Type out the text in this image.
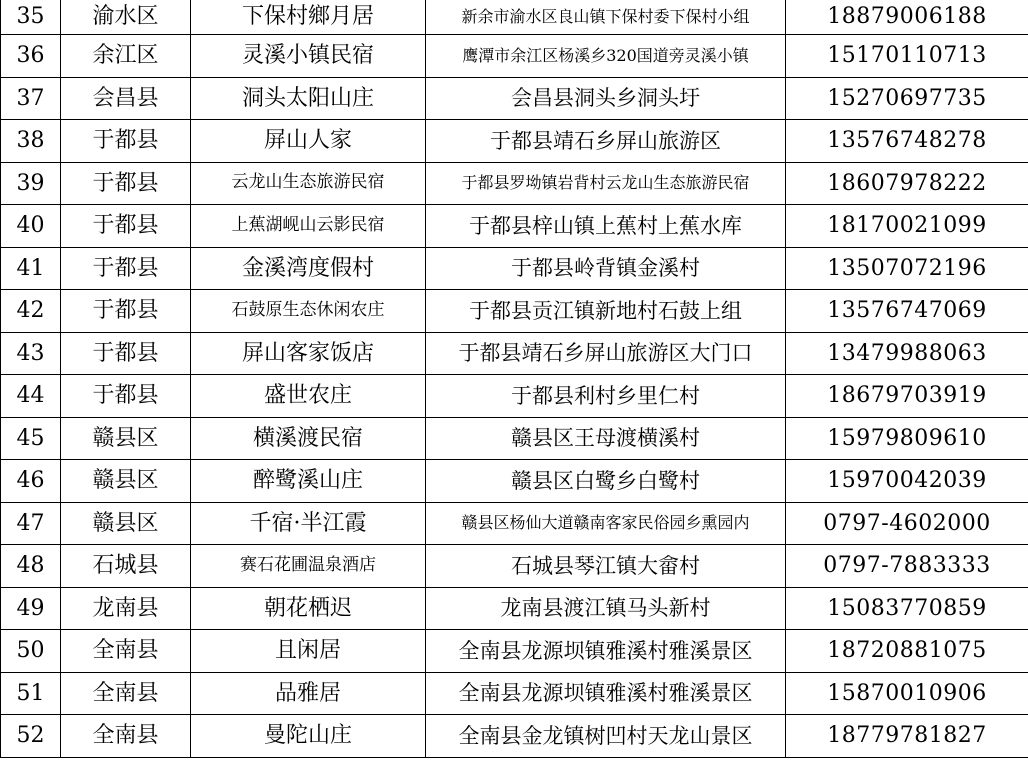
35	渝水区	下保村鄉月居	新余市渝水区良山镇下保村委下保村小组	18879006188
36	余江区	灵溪小镇民宿	鹰潭市余江区杨溪乡320国道旁灵溪小镇	15170110713
37	会昌县	洞头太阳山庄	会昌县洞头乡洞头圩	15270697735
38	于都县	屏山人家	于都县靖石乡屏山旅游区	13576748278
39	于都县	云龙山生态旅游民宿	于都县罗坳镇岩背村云龙山生态旅游民宿	18607978222
40	于都县	上蕉湖岘山云影民宿	于都县梓山镇上蕉村上蕉水库	18170021099
41	于都县	金溪湾度假村	于都县岭背镇金溪村	13507072196
42	于都县	石鼓原生态休闲农庄	于都县贡江镇新地村石鼓上组	13576747069
43	于都县	屏山客家饭店	于都县靖石乡屏山旅游区大门口	13479988063
44	于都县	盛世农庄	于都县利村乡里仁村	18679703919
45	赣县区	横溪渡民宿	赣县区王母渡横溪村	15979809610
46	赣县区	醉鹭溪山庄	赣县区白鹭乡白鹭村	15970042039
47	赣县区	千宿·半江霞	赣县区杨仙大道赣南客家民俗园乡熏园内	0797-4602000
48	石城县	赛石花圃温泉酒店	石城县琴江镇大畲村	0797-7883333
49	龙南县	朝花栖迟	龙南县渡江镇马头新村	15083770859
50	全南县	且闲居	全南县龙源坝镇雅溪村雅溪景区	18720881075
51	全南县	品雅居	全南县龙源坝镇雅溪村雅溪景区	15870010906
52	全南县	曼陀山庄	全南县金龙镇树凹村天龙山景区	18779781827
